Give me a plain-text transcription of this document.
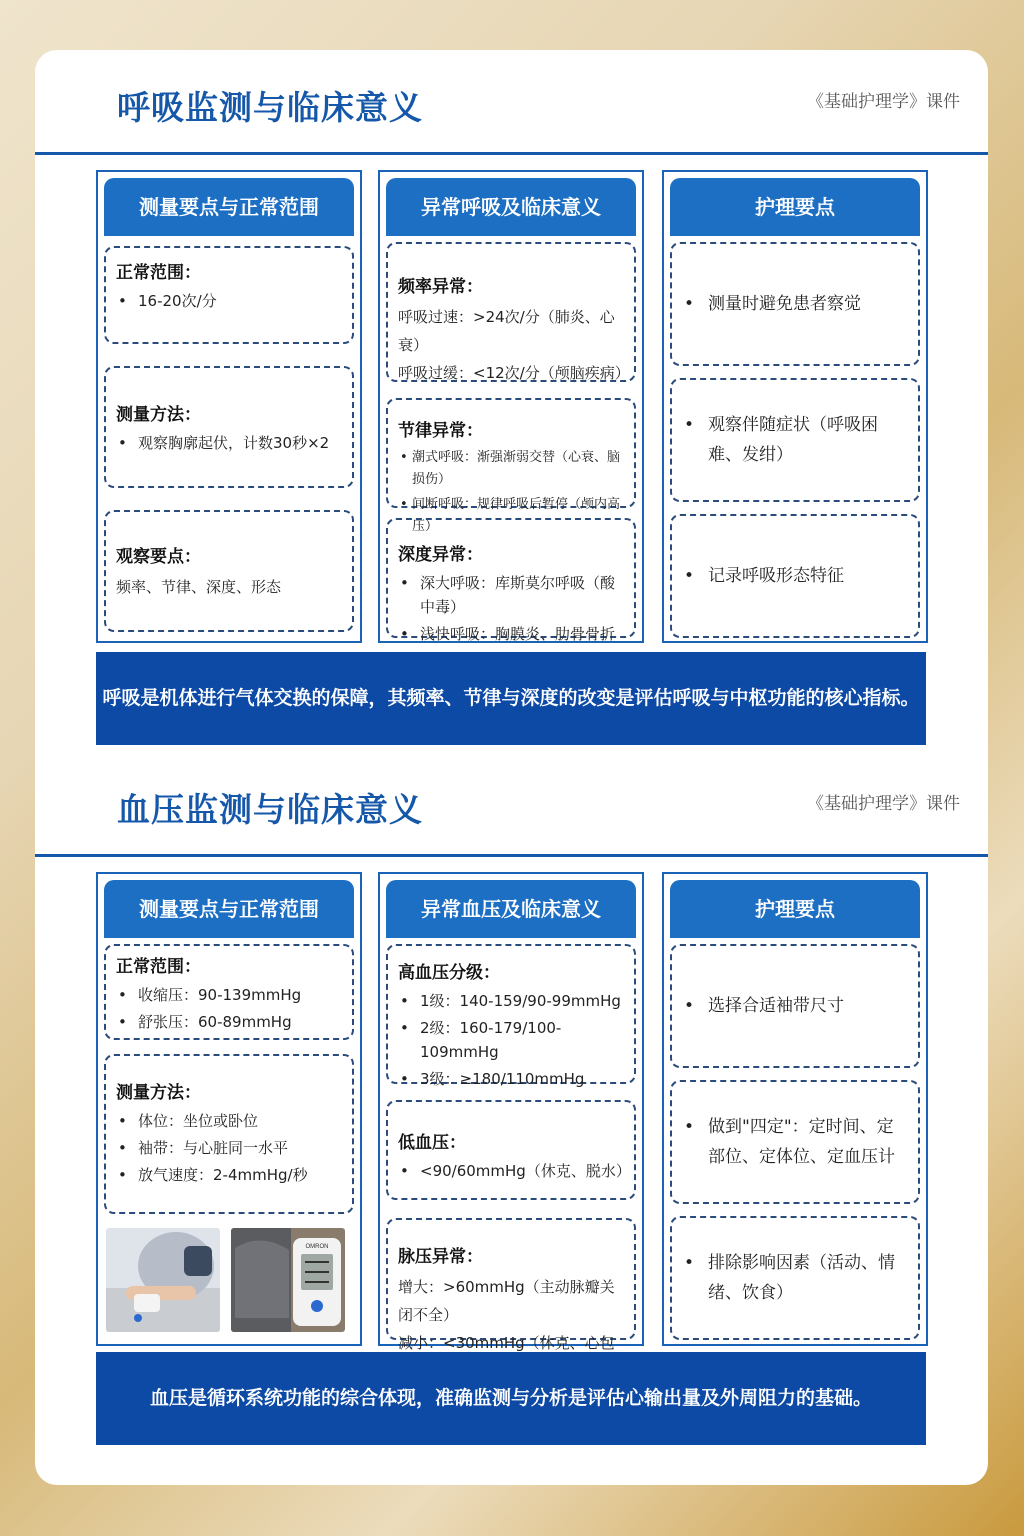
呼吸监测与临床意义	《基础护理学》课件
测量要点与正常范围
正常范围：
• 16-20次/分
测量方法：
• 观察胸廓起伏，计数30秒×2
观察要点：
频率、节律、深度、形态
异常呼吸及临床意义
频率异常：
呼吸过速：>24次/分（肺炎、心衰）
呼吸过缓：<12次/分（颅脑疾病）
节律异常：
• 潮式呼吸：渐强渐弱交替（心衰、脑损伤）
• 间断呼吸：规律呼吸后暂停（颅内高压）
深度异常：
• 深大呼吸：库斯莫尔呼吸（酸中毒）
• 浅快呼吸：胸膜炎、肋骨骨折
护理要点
• 测量时避免患者察觉
• 观察伴随症状（呼吸困难、发绀）
• 记录呼吸形态特征
呼吸是机体进行气体交换的保障，其频率、节律与深度的改变是评估呼吸与中枢功能的核心指标。
血压监测与临床意义	《基础护理学》课件
测量要点与正常范围
正常范围：
• 收缩压：90-139mmHg
• 舒张压：60-89mmHg
测量方法：
• 体位：坐位或卧位
• 袖带：与心脏同一水平
• 放气速度：2-4mmHg/秒
OMRON
异常血压及临床意义
高血压分级：
• 1级：140-159/90-99mmHg
• 2级：160-179/100-109mmHg
• 3级：≥180/110mmHg
低血压：
• <90/60mmHg（休克、脱水）
脉压异常：
增大：>60mmHg（主动脉瓣关闭不全）
减小：<30mmHg（休克、心包
护理要点
• 选择合适袖带尺寸
• 做到"四定"：定时间、定部位、定体位、定血压计
• 排除影响因素（活动、情绪、饮食）
血压是循环系统功能的综合体现，准确监测与分析是评估心输出量及外周阻力的基础。
